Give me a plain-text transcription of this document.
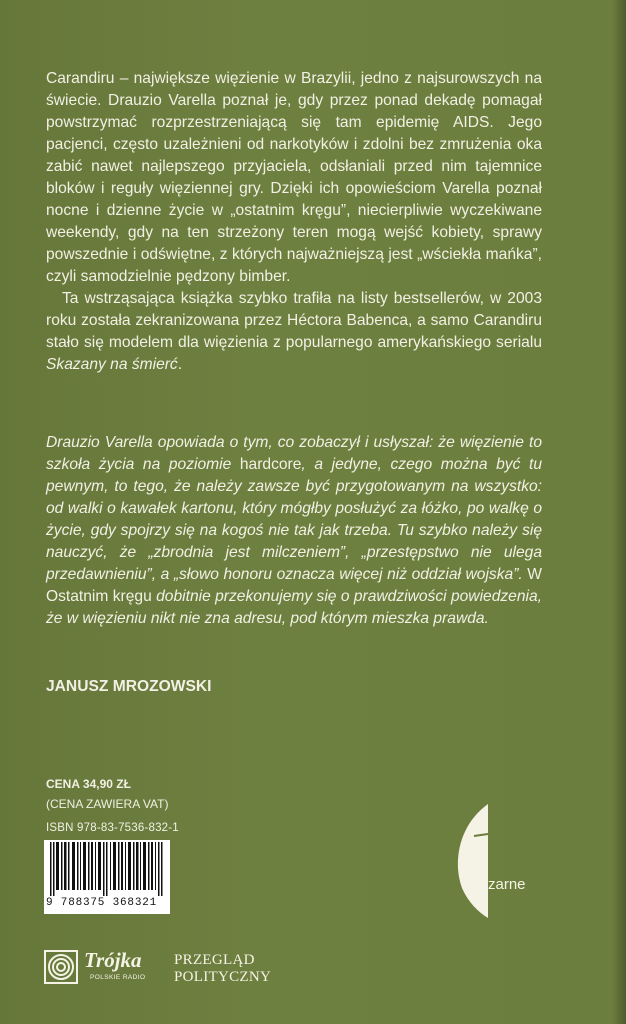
Carandiru – największe więzienie w Brazylii, jedno z najsurowszych na świecie. Drauzio Varella poznał je, gdy przez ponad dekadę pomagał powstrzymać rozprzestrzeniającą się tam epidemię AIDS. Jego pacjenci, często uzależnieni od narkotyków i zdolni bez zmrużenia oka zabić nawet najlepszego przyjaciela, odsłaniali przed nim tajemnice bloków i reguły więziennej gry. Dzięki ich opowieściom Varella poznał nocne i dzienne życie w „ostatnim kręgu”, niecierpliwie wyczekiwane weekendy, gdy na ten strzeżony teren mogą wejść kobiety, sprawy powszednie i odświętne, z których najważniejszą jest „wściekła mańka”, czyli samodzielnie pędzony bimber.

Ta wstrząsająca książka szybko trafiła na listy bestsellerów, w 2003 roku została zekranizowana przez Héctora Babenca, a samo Carandiru stało się modelem dla więzienia z popularnego amerykańskiego serialu Skazany na śmierć.

Drauzio Varella opowiada o tym, co zobaczył i usłyszał: że więzienie to szkoła życia na poziomie hardcore, a jedyne, czego można być tu pewnym, to tego, że należy zawsze być przygotowanym na wszystko: od walki o kawałek kartonu, który mógłby posłużyć za łóżko, po walkę o życie, gdy spojrzy się na kogoś nie tak jak trzeba. Tu szybko należy się nauczyć, że „zbrodnia jest milczeniem”, „przestępstwo nie ulega przedawnieniu”, a „słowo honoru oznacza więcej niż oddział wojska”. W Ostatnim kręgu dobitnie przekonujemy się o prawdziwości powiedzenia, że w więzieniu nikt nie zna adresu, pod którym mieszka prawda.

JANUSZ MROZOWSKI
CENA 34,90 ZŁ
(CENA ZAWIERA VAT)
ISBN 978-83-7536-832-1
9 788375 368321
zarne
Trójka
POLSKIE RADIO
PRZEGLĄD
POLITYCZNY
